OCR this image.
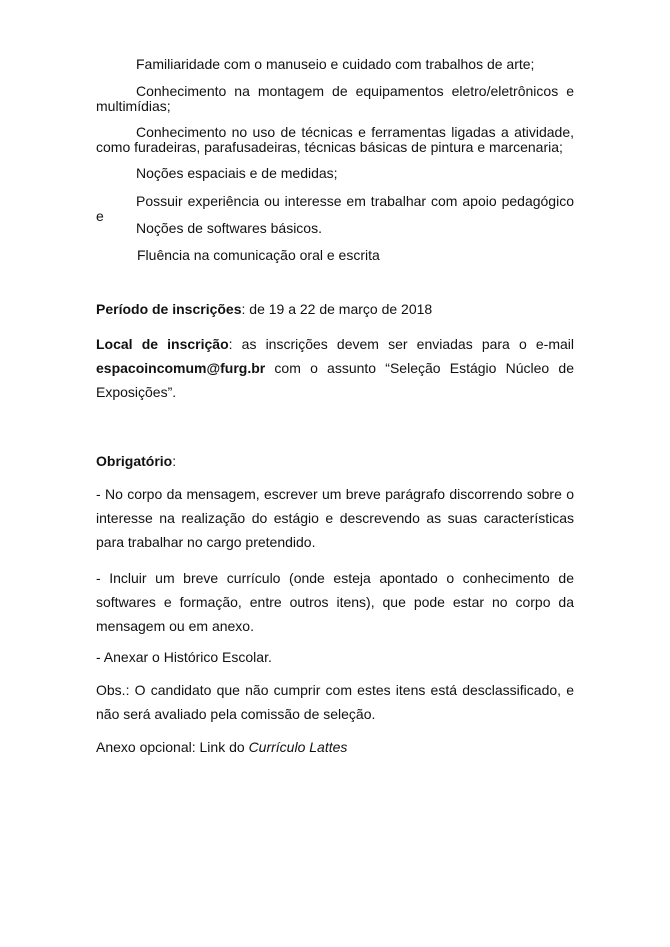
Familiaridade com o manuseio e cuidado com trabalhos de arte;

Conhecimento na montagem de equipamentos eletro/eletrônicos e multimídias;

Conhecimento no uso de técnicas e ferramentas ligadas a atividade, como furadeiras, parafusadeiras, técnicas básicas de pintura e marcenaria;

Noções espaciais e de medidas;

Possuir experiência ou interesse em trabalhar com apoio pedagógico e

Noções de softwares básicos.

Fluência na comunicação oral e escrita

Período de inscrições: de 19 a 22 de março de 2018

Local de inscrição: as inscrições devem ser enviadas para o e-mail espacoincomum@furg.br com o assunto “Seleção Estágio Núcleo de Exposições”.

Obrigatório:

- No corpo da mensagem, escrever um breve parágrafo discorrendo sobre o interesse na realização do estágio e descrevendo as suas características para trabalhar no cargo pretendido.

- Incluir um breve currículo (onde esteja apontado o conhecimento de softwares e formação, entre outros itens), que pode estar no corpo da mensagem ou em anexo.

- Anexar o Histórico Escolar.

Obs.: O candidato que não cumprir com estes itens está desclassificado, e não será avaliado pela comissão de seleção.

Anexo opcional: Link do Currículo Lattes
